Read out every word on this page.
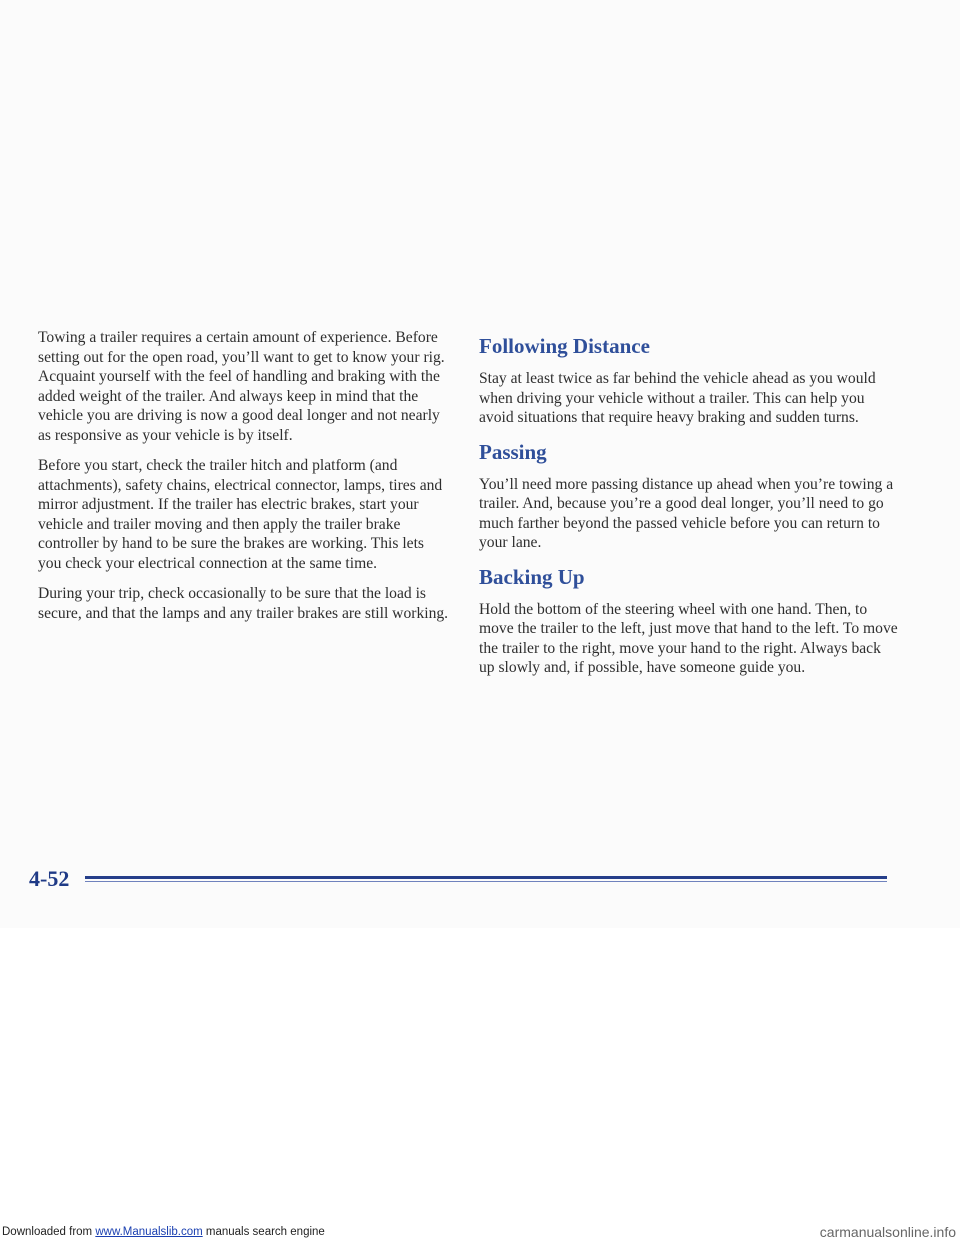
Towing a trailer requires a certain amount of experience. Before setting out for the open road, you’ll want to get to know your rig. Acquaint yourself with the feel of handling and braking with the added weight of the trailer. And always keep in mind that the vehicle you are driving is now a good deal longer and not nearly as responsive as your vehicle is by itself.

Before you start, check the trailer hitch and platform (and attachments), safety chains, electrical connector, lamps, tires and mirror adjustment. If the trailer has electric brakes, start your vehicle and trailer moving and then apply the trailer brake controller by hand to be sure the brakes are working. This lets you check your electrical connection at the same time.

During your trip, check occasionally to be sure that the load is secure, and that the lamps and any trailer brakes are still working.

Following Distance

Stay at least twice as far behind the vehicle ahead as you would when driving your vehicle without a trailer. This can help you avoid situations that require heavy braking and sudden turns.

Passing

You’ll need more passing distance up ahead when you’re towing a trailer. And, because you’re a good deal longer, you’ll need to go much farther beyond the passed vehicle before you can return to your lane.

Backing Up

Hold the bottom of the steering wheel with one hand. Then, to move the trailer to the left, just move that hand to the left. To move the trailer to the right, move your hand to the right. Always back up slowly and, if possible, have someone guide you.

4-52
Downloaded from www.Manualslib.com manuals search engine	carmanualsonline.info
